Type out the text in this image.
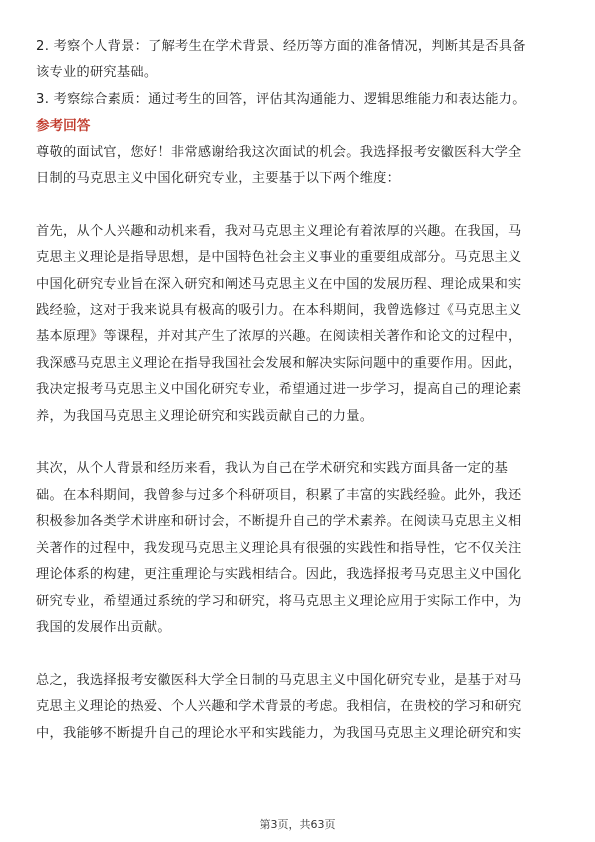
2. 考察个人背景：了解考生在学术背景、经历等方面的准备情况，判断其是否具备

该专业的研究基础。

3. 考察综合素质：通过考生的回答，评估其沟通能力、逻辑思维能力和表达能力。

参考回答

尊敬的面试官，您好！非常感谢给我这次面试的机会。我选择报考安徽医科大学全

日制的马克思主义中国化研究专业，主要基于以下两个维度：

首先，从个人兴趣和动机来看，我对马克思主义理论有着浓厚的兴趣。在我国，马

克思主义理论是指导思想，是中国特色社会主义事业的重要组成部分。马克思主义

中国化研究专业旨在深入研究和阐述马克思主义在中国的发展历程、理论成果和实

践经验，这对于我来说具有极高的吸引力。在本科期间，我曾选修过《马克思主义

基本原理》等课程，并对其产生了浓厚的兴趣。在阅读相关著作和论文的过程中，

我深感马克思主义理论在指导我国社会发展和解决实际问题中的重要作用。因此，

我决定报考马克思主义中国化研究专业，希望通过进一步学习，提高自己的理论素

养，为我国马克思主义理论研究和实践贡献自己的力量。

其次，从个人背景和经历来看，我认为自己在学术研究和实践方面具备一定的基

础。在本科期间，我曾参与过多个科研项目，积累了丰富的实践经验。此外，我还

积极参加各类学术讲座和研讨会，不断提升自己的学术素养。在阅读马克思主义相

关著作的过程中，我发现马克思主义理论具有很强的实践性和指导性，它不仅关注

理论体系的构建，更注重理论与实践相结合。因此，我选择报考马克思主义中国化

研究专业，希望通过系统的学习和研究，将马克思主义理论应用于实际工作中，为

我国的发展作出贡献。

总之，我选择报考安徽医科大学全日制的马克思主义中国化研究专业，是基于对马

克思主义理论的热爱、个人兴趣和学术背景的考虑。我相信，在贵校的学习和研究

中，我能够不断提升自己的理论水平和实践能力，为我国马克思主义理论研究和实

第3页，共63页
